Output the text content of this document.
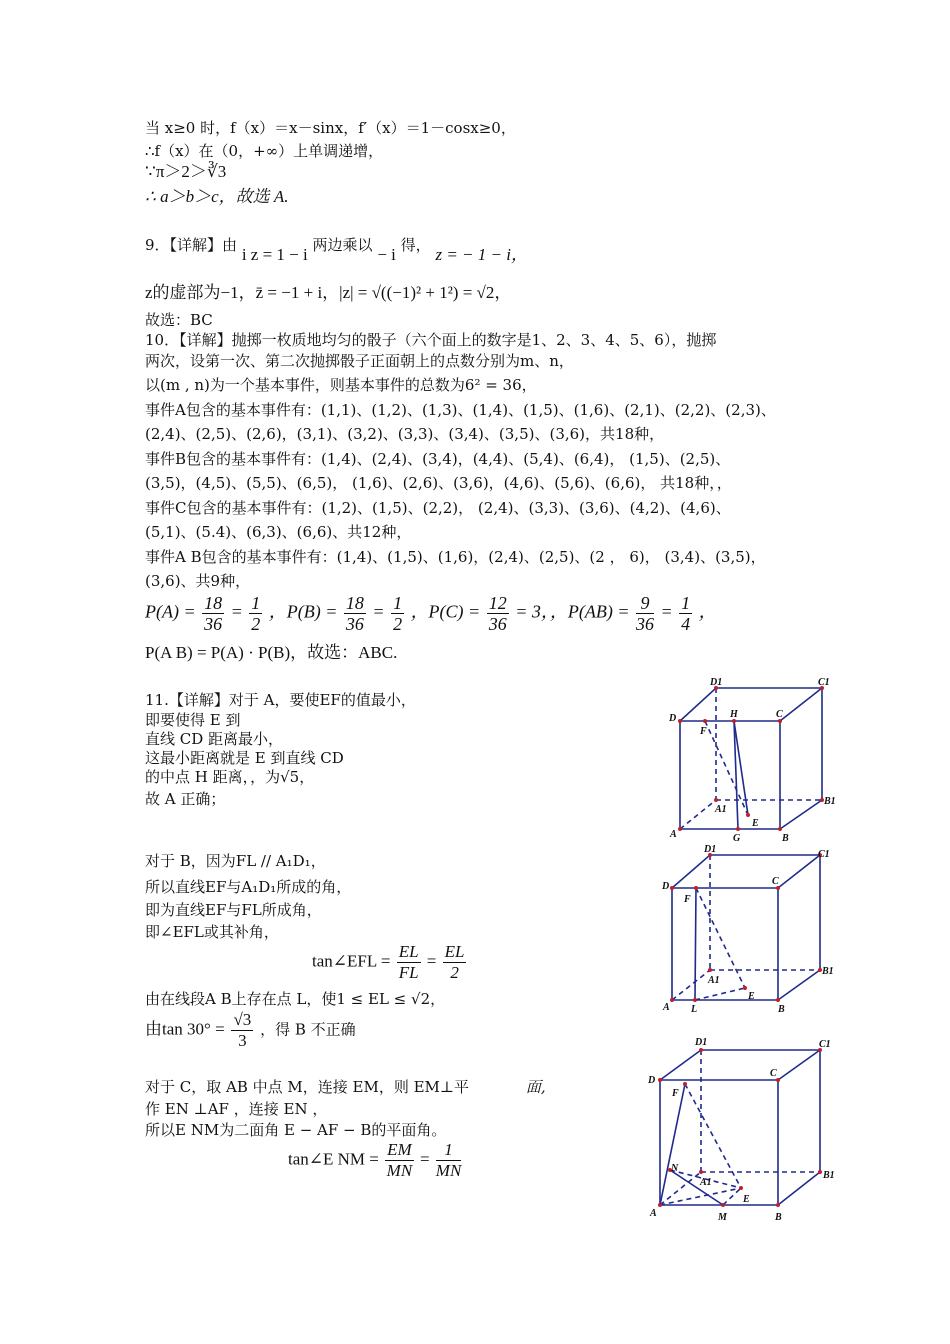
当 x≥0 时，f（x）＝x－sinx，f′（x）＝1－cosx≥0，
∴f（x）在（0，+∞）上单调递增，
∵π＞2＞∛3
∴ a＞b＞c，故选 A.
9．【详解】由 i z = 1 − i 两边乘以 − i 得， z = − 1 − i，
z的虚部为−1，z̄ = −1 + i，|z| = √((−1)² + 1²) = √2，
故选：BC
10．【详解】抛掷一枚质地均匀的骰子（六个面上的数字是1、2、3、4、5、6），抛掷
两次，设第一次、第二次抛掷骰子正面朝上的点数分别为m、n，
以(m , n)为一个基本事件，则基本事件的总数为6² = 36，
事件A包含的基本事件有：(1,1)、(1,2)、(1,3)、(1,4)、(1,5)、(1,6)、(2,1)、(2,2)、(2,3)、
(2,4)、(2,5)、(2,6)，(3,1)、(3,2)、(3,3)、(3,4)、(3,5)、(3,6)，共18种，
事件B包含的基本事件有：(1,4)、(2,4)、(3,4)，(4,4)、(5,4)、(6,4)， (1,5)、(2,5)、
(3,5)，(4,5)、(5,5)、(6,5)， (1,6)、(2,6)、(3,6)，(4,6)、(5,6)、(6,6)， 共18种，，
事件C包含的基本事件有：(1,2)、(1,5)、(2,2)， (2,4)、(3,3)、(3,6)、(4,2)、(4,6)、
(5,1)、(5.4)、(6,3)、(6,6)、共12种，
事件A B包含的基本事件有：(1,4)、(1,5)、(1,6)，(2,4)、(2,5)、(2 ， 6)， (3,4)、(3,5)，
(3,6)、共9种，
$P(A) = \frac{18}{36} = \frac{1}{2}$ ，$P(B) = \frac{18}{36} = \frac{1}{2}$ ，$P(C) = \frac{12}{36} = 3$，，$P(AB) = \frac{9}{36} = \frac{1}{4}$ ，
P(A B) = P(A) · P(B)，故选：ABC.
11.【详解】对于 A，要使EF的值最小，
即要使得 E 到
直线 CD 距离最小，
这最小距离就是 E 到直线 CD
的中点 H 距离，，为√5，
故 A 正确；
对于 B，因为FL // A₁D₁，
所以直线EF与A₁D₁所成的角，
即为直线EF与FL所成角，
即∠EFL或其补角，
tan∠EFL = $\frac{EL}{FL} = \frac{EL}{2}$
由在线段A B上存在点 L，使1 ≤ EL ≤ √2，
由$\tan 30^\circ = \frac{√3}{3}$ ，得 B 不正确
对于 C，取 AB 中点 M，连接 EM，则 EM⊥平	面,
作 EN ⊥AF ，连接 EN ，
所以E NM为二面角 E − AF − B的平面角。
tan∠E NM = $\frac{EM}{MN} = \frac{1}{MN}$
D1	C1
D	H	C
F
B1
A1
E
A	G	B
D1	C1
D	C
F
B1
A1
E
A L	B
D1	C1
D
C
F
N
B1
A1
E
A	M	B
